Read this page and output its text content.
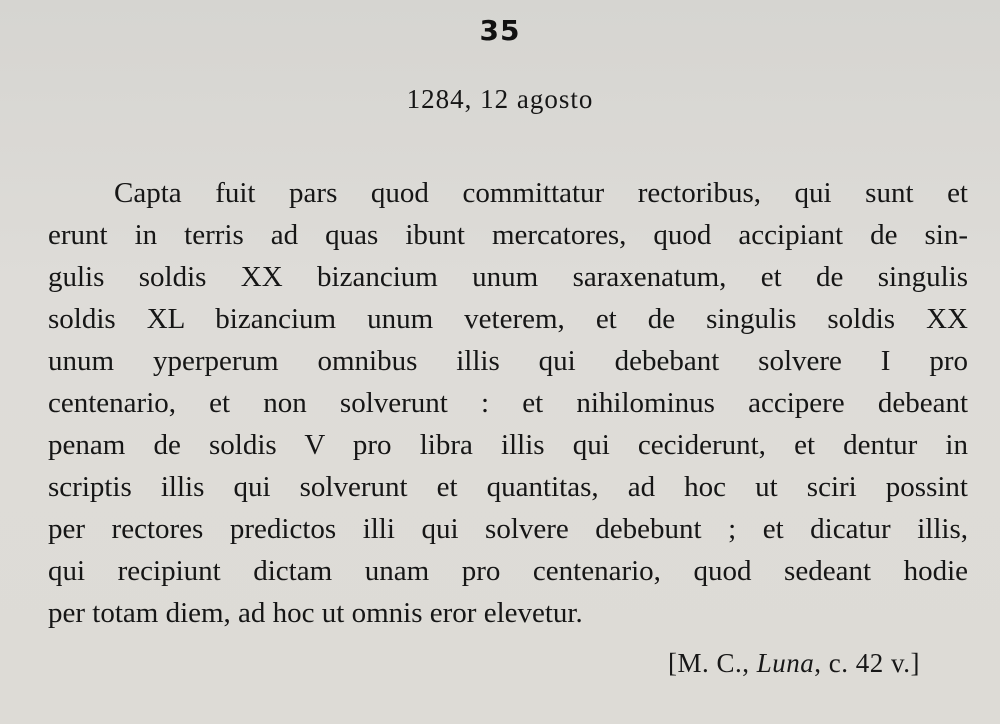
35
1284, 12 agosto
Capta fuit pars quod committatur rectoribus, qui sunt et
erunt in terris ad quas ibunt mercatores, quod accipiant de sin-
gulis soldis XX bizancium unum saraxenatum, et de singulis
soldis XL bizancium unum veterem, et de singulis soldis XX
unum yperperum omnibus illis qui debebant solvere I pro
centenario, et non solverunt : et nihilominus accipere debeant
penam de soldis V pro libra illis qui ceciderunt, et dentur in
scriptis illis qui solverunt et quantitas, ad hoc ut sciri possint
per rectores predictos illi qui solvere debebunt ; et dicatur illis,
qui recipiunt dictam unam pro centenario, quod sedeant hodie
per totam diem, ad hoc ut omnis eror elevetur.
[M. C., Luna, c. 42 v.]
